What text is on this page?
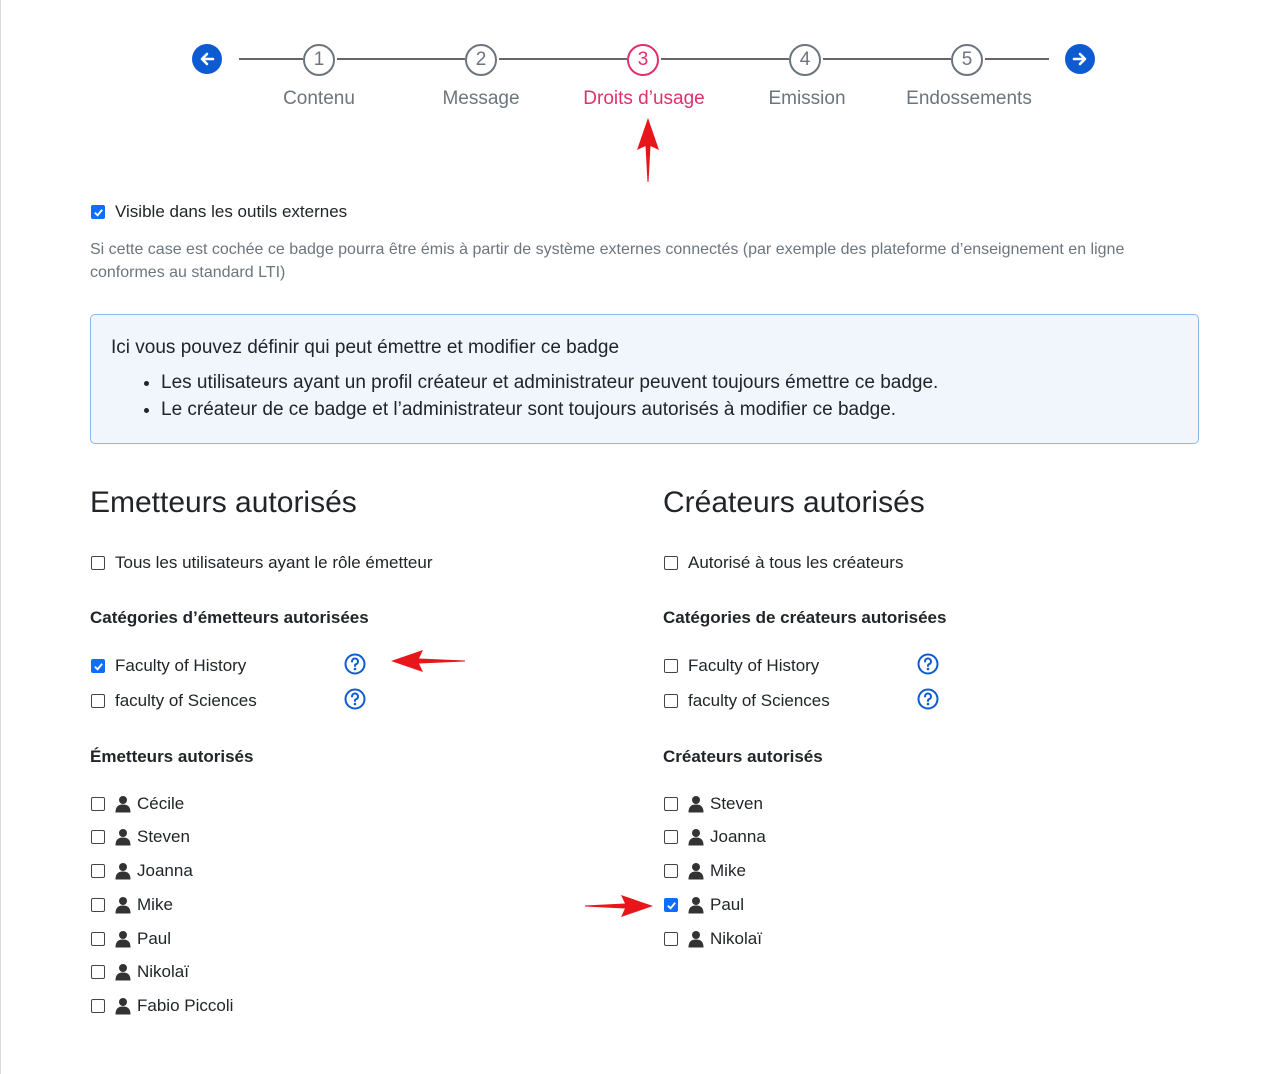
1	2	3	4	5
Contenu	Message	Droits d’usage	Emission	Endossements
Visible dans les outils externes
Si cette case est cochée ce badge pourra être émis à partir de système externes connectés (par exemple des plateforme d’enseignement en ligne conformes au standard LTI)

Ici vous pouvez définir qui peut émettre et modifier ce badge

• Les utilisateurs ayant un profil créateur et administrateur peuvent toujours émettre ce badge.
• Le créateur de ce badge et l’administrateur sont toujours autorisés à modifier ce badge.
Emetteurs autorisés
Tous les utilisateurs ayant le rôle émetteur
Catégories d’émetteurs autorisées
Faculty of History
faculty of Sciences
Émetteurs autorisés
Cécile
Steven
Joanna
Mike
Paul
Nikolaï
Fabio Piccoli
Créateurs autorisés
Autorisé à tous les créateurs
Catégories de créateurs autorisées
Faculty of History
faculty of Sciences
Créateurs autorisés
Steven
Joanna
Mike
Paul
Nikolaï
